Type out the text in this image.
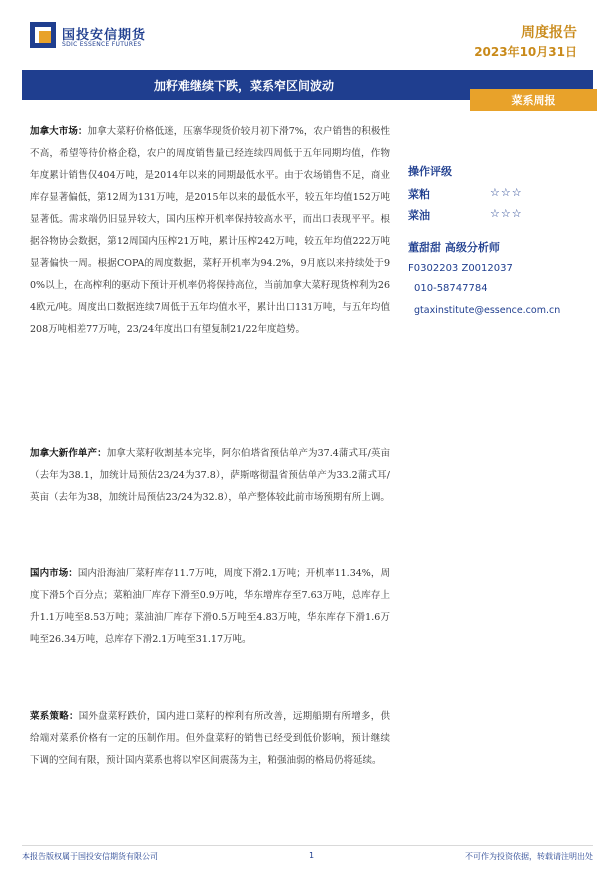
国投安信期货
SDIC ESSENCE FUTURES
周度报告
2023年10月31日
加籽难继续下跌，菜系窄区间波动
菜系周报
加拿大市场：加拿大菜籽价格低迷，压寨华现货价较月初下滑7%，农户销售的积极性不高，希望等待价格企稳，农户的周度销售量已经连续四周低于五年同期均值，作物年度累计销售仅404万吨，是2014年以来的同期最低水平。由于农场销售不足，商业库存显著偏低，第12周为131万吨，是2015年以来的最低水平，较五年均值152万吨显著低。需求端仍旧显异较大，国内压榨开机率保持较高水平，而出口表现平平。根据谷物协会数据，第12周国内压榨21万吨，累计压榨242万吨，较五年均值222万吨显著偏快一周。根据COPA的周度数据，菜籽开机率为94.2%，9月底以来持续处于90%以上，在高榨利的驱动下预计开机率仍将保持高位，当前加拿大菜籽现货榨利为264欧元/吨。周度出口数据连续7周低于五年均值水平，累计出口131万吨，与五年均值208万吨相差77万吨，23/24年度出口有望复制21/22年度趋势。
加拿大新作单产：加拿大菜籽收割基本完毕，阿尔伯塔省预估单产为37.4蒲式耳/英亩（去年为38.1，加统计局预估23/24为37.8），萨斯喀彻温省预估单产为33.2蒲式耳/英亩（去年为38，加统计局预估23/24为32.8），单产整体较此前市场预期有所上调。
国内市场：国内沿海油厂菜籽库存11.7万吨，周度下滑2.1万吨；开机率11.34%，周度下滑5个百分点；菜粕油厂库存下滑至0.9万吨，华东增库存至7.63万吨，总库存上升1.1万吨至8.53万吨；菜油油厂库存下滑0.5万吨至4.83万吨，华东库存下滑1.6万吨至26.34万吨，总库存下滑2.1万吨至31.17万吨。
菜系策略：国外盘菜籽跌价，国内进口菜籽的榨利有所改善，远期船期有所增多，供给端对菜系价格有一定的压制作用。但外盘菜籽的销售已经受到低价影响，预计继续下调的空间有限，预计国内菜系也将以窄区间震荡为主，粕强油弱的格局仍将延续。
操作评级
菜粕	☆☆☆
菜油	☆☆☆
董甜甜 高级分析师
F0302203 Z0012037
010-58747784
gtaxinstitute@essence.com.cn
本报告版权属于国投安信期货有限公司	1	不可作为投资依据，转载请注明出处
